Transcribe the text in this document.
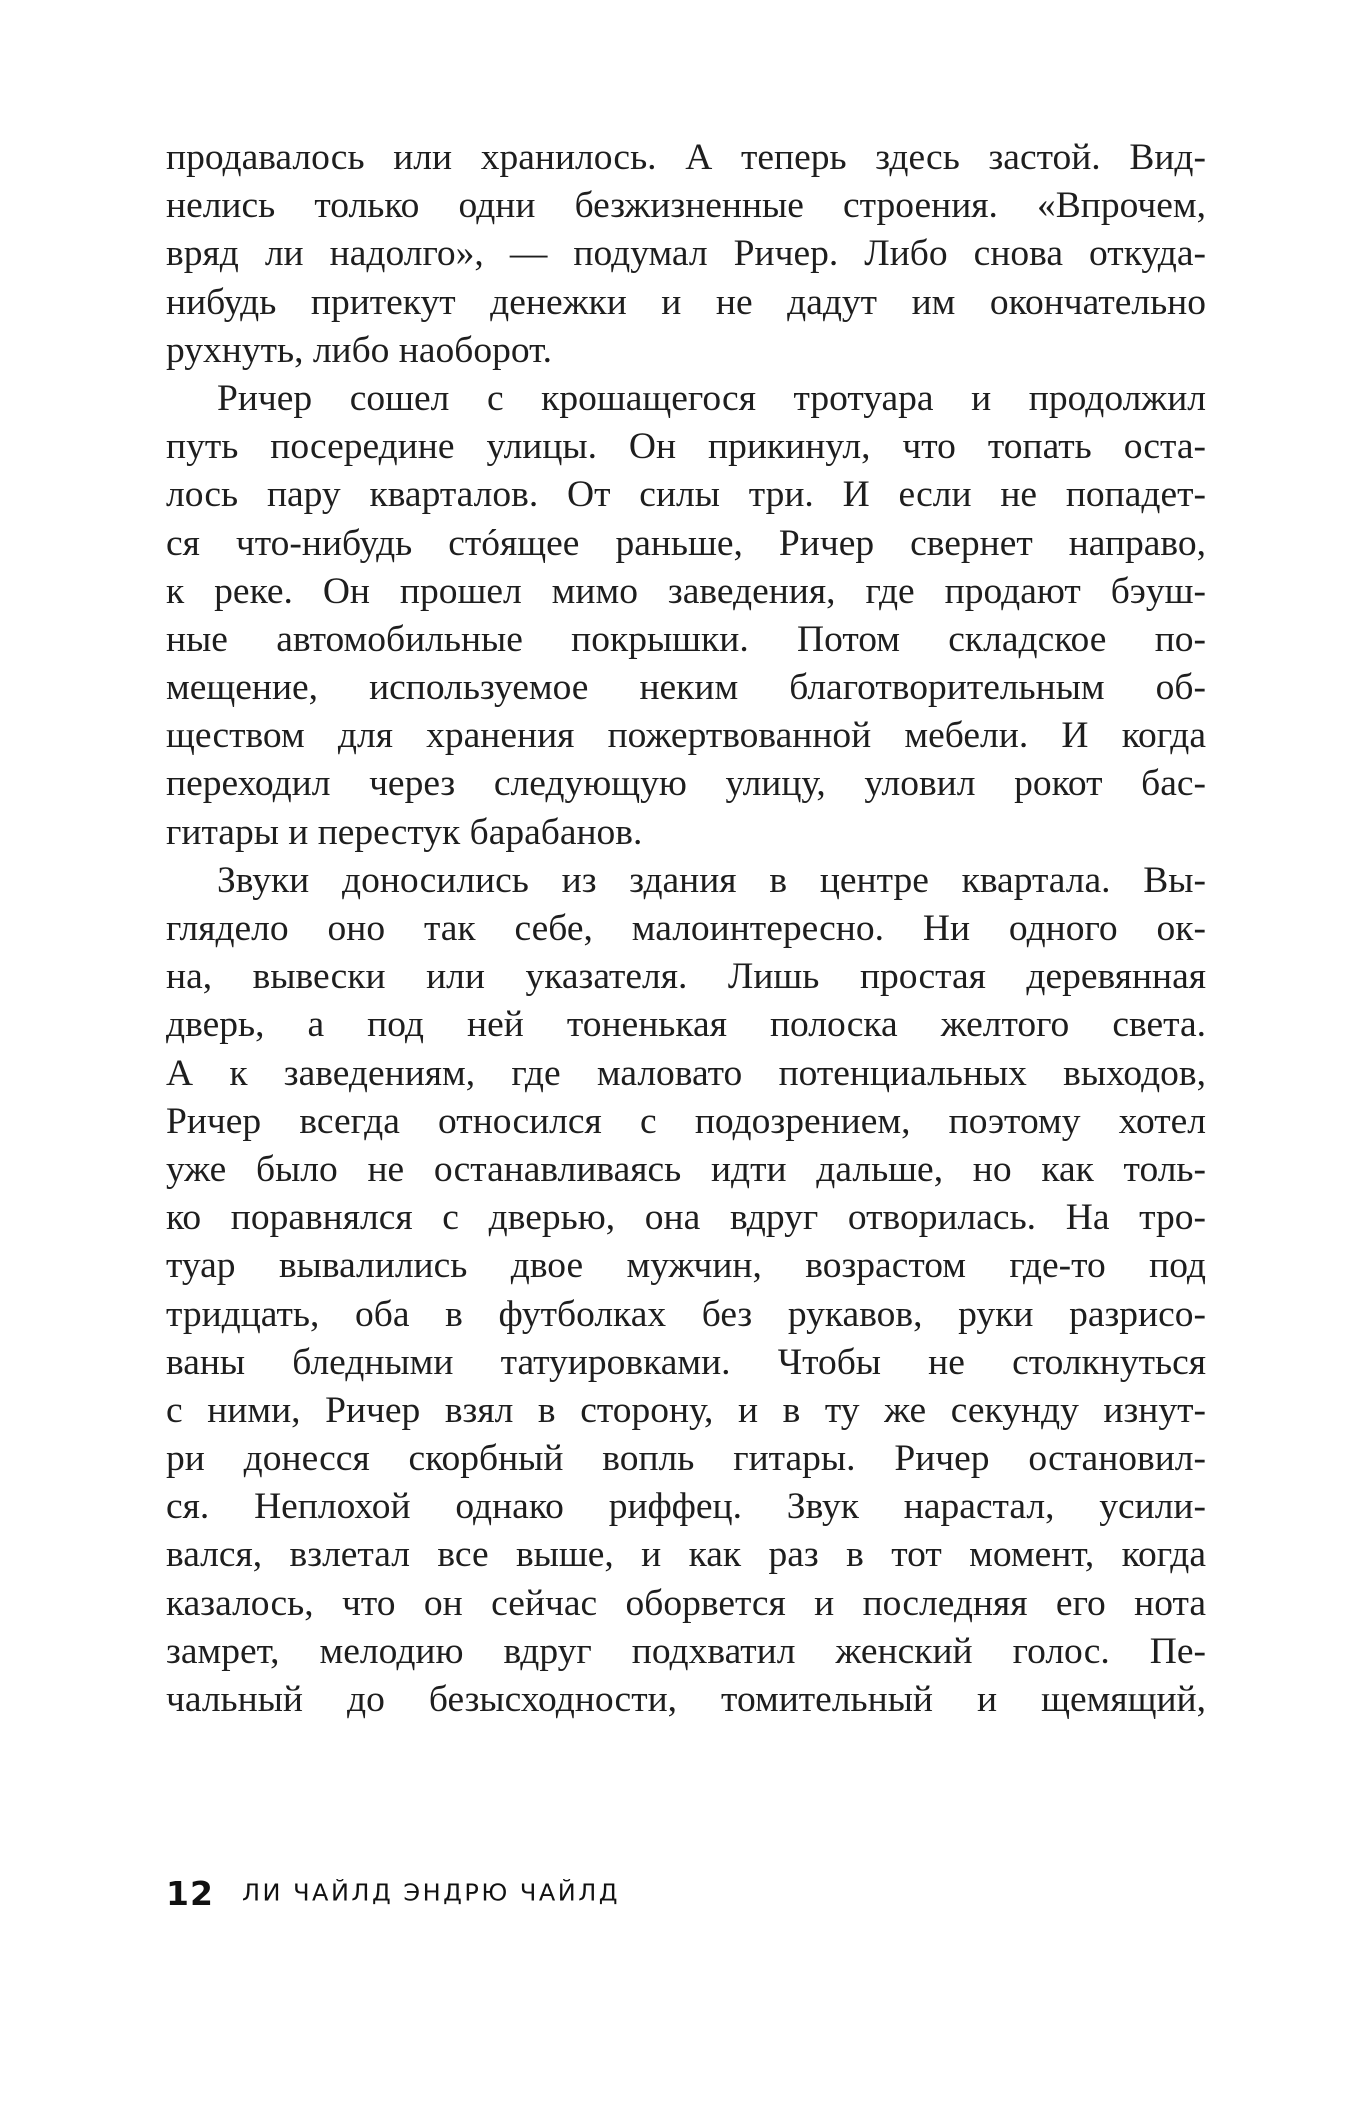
продавалось или хранилось. А теперь здесь застой. Вид-
нелись только одни безжизненные строения. «Впрочем,
вряд ли надолго», — подумал Ричер. Либо снова откуда-
нибудь притекут денежки и не дадут им окончательно
рухнуть, либо наоборот.
Ричер сошел с крошащегося тротуара и продолжил
путь посередине улицы. Он прикинул, что топать оста-
лось пару кварталов. От силы три. И если не попадет-
ся что-нибудь стóящее раньше, Ричер свернет направо,
к реке. Он прошел мимо заведения, где продают бэуш-
ные автомобильные покрышки. Потом складское по-
мещение, используемое неким благотворительным об-
ществом для хранения пожертвованной мебели. И когда
переходил через следующую улицу, уловил рокот бас-
гитары и перестук барабанов.
Звуки доносились из здания в центре квартала. Вы-
глядело оно так себе, малоинтересно. Ни одного ок-
на, вывески или указателя. Лишь простая деревянная
дверь, а под ней тоненькая полоска желтого света.
А к заведениям, где маловато потенциальных выходов,
Ричер всегда относился с подозрением, поэтому хотел
уже было не останавливаясь идти дальше, но как толь-
ко поравнялся с дверью, она вдруг отворилась. На тро-
туар вывалились двое мужчин, возрастом где-то под
тридцать, оба в футболках без рукавов, руки разрисо-
ваны бледными татуировками. Чтобы не столкнуться
с ними, Ричер взял в сторону, и в ту же секунду изнут-
ри донесся скорбный вопль гитары. Ричер остановил-
ся. Неплохой однако риффец. Звук нарастал, усили-
вался, взлетал все выше, и как раз в тот момент, когда
казалось, что он сейчас оборвется и последняя его нота
замрет, мелодию вдруг подхватил женский голос. Пе-
чальный до безысходности, томительный и щемящий,
12 ЛИ ЧАЙЛД ЭНДРЮ ЧАЙЛД
